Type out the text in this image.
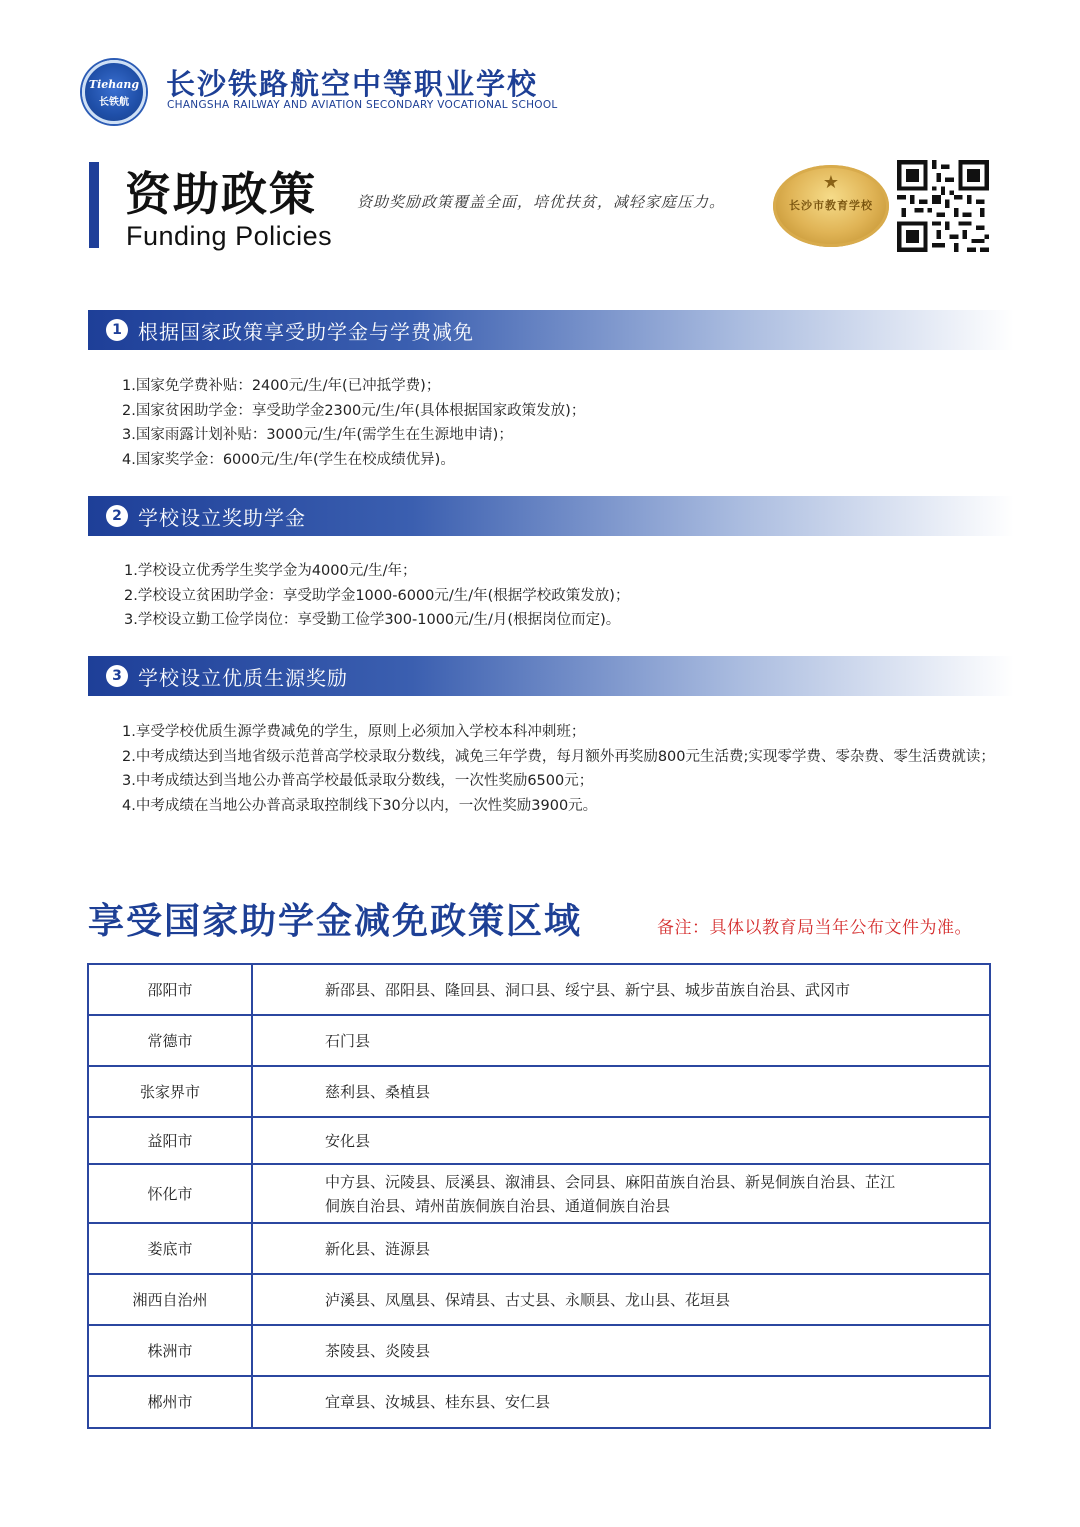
Tiehang
长铁航
长沙铁路航空中等职业学校
CHANGSHA RAILWAY AND AVIATION SECONDARY VOCATIONAL SCHOOL
资助政策
Funding Policies
资助奖励政策覆盖全面，培优扶贫，减轻家庭压力。
★
长沙市教育学校
1 根据国家政策享受助学金与学费减免
1.国家免学费补贴：2400元/生/年(已冲抵学费)；
2.国家贫困助学金：享受助学金2300元/生/年(具体根据国家政策发放)；
3.国家雨露计划补贴：3000元/生/年(需学生在生源地申请)；
4.国家奖学金：6000元/生/年(学生在校成绩优异)。
2 学校设立奖助学金
1.学校设立优秀学生奖学金为4000元/生/年；
2.学校设立贫困助学金：享受助学金1000-6000元/生/年(根据学校政策发放)；
3.学校设立勤工俭学岗位：享受勤工俭学300-1000元/生/月(根据岗位而定)。
3 学校设立优质生源奖励
1.享受学校优质生源学费减免的学生，原则上必须加入学校本科冲刺班；
2.中考成绩达到当地省级示范普高学校录取分数线，减免三年学费，每月额外再奖励800元生活费;实现零学费、零杂费、零生活费就读；
3.中考成绩达到当地公办普高学校最低录取分数线，一次性奖励6500元；
4.中考成绩在当地公办普高录取控制线下30分以内，一次性奖励3900元。
享受国家助学金减免政策区域	备注：具体以教育局当年公布文件为准。
邵阳市	新邵县、邵阳县、隆回县、洞口县、绥宁县、新宁县、城步苗族自治县、武冈市
常德市	石门县
张家界市	慈利县、桑植县
益阳市	安化县
怀化市	中方县、沅陵县、辰溪县、溆浦县、会同县、麻阳苗族自治县、新晃侗族自治县、芷江侗族自治县、靖州苗族侗族自治县、通道侗族自治县
娄底市	新化县、涟源县
湘西自治州	泸溪县、凤凰县、保靖县、古丈县、永顺县、龙山县、花垣县
株洲市	茶陵县、炎陵县
郴州市	宜章县、汝城县、桂东县、安仁县
